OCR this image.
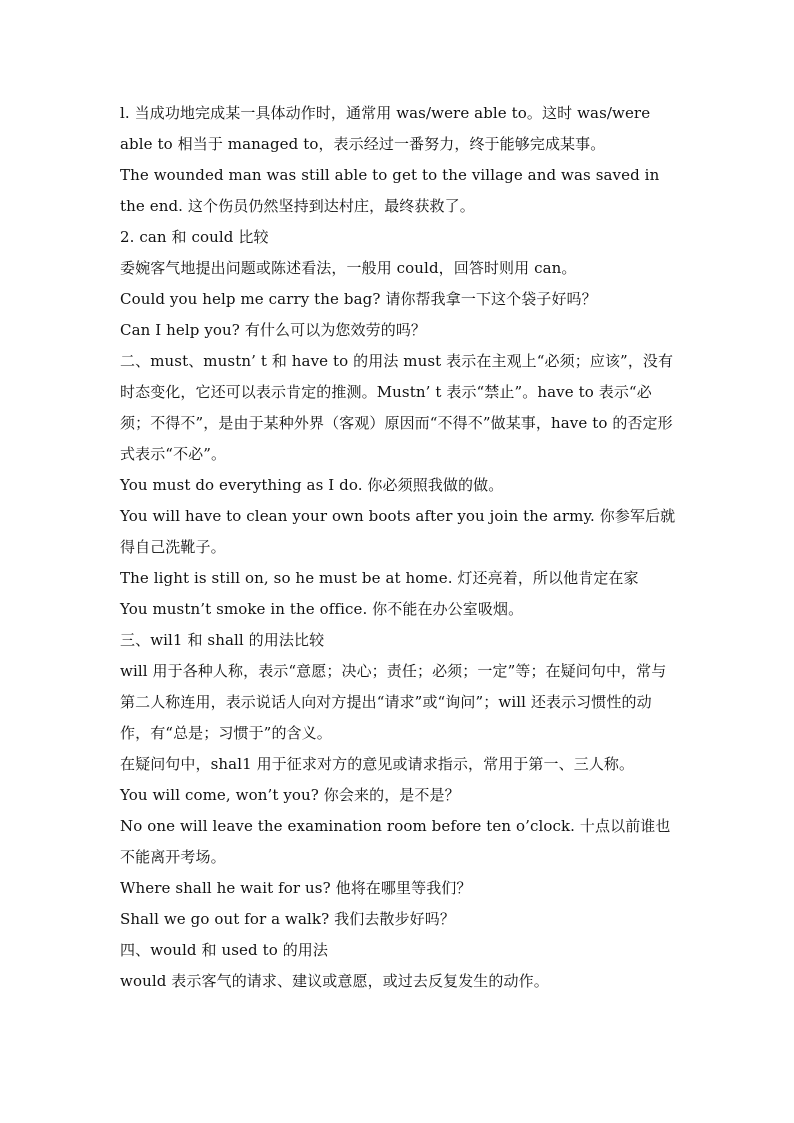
l. 当成功地完成某一具体动作时，通常用 was/were able to。这时 was/were able to 相当于 managed to，表示经过一番努力，终于能够完成某事。

The wounded man was still able to get to the village and was saved in the end. 这个伤员仍然坚持到达村庄，最终获救了。

2. can 和 could 比较

委婉客气地提出问题或陈述看法，一般用 could，回答时则用 can。

Could you help me carry the bag? 请你帮我拿一下这个袋子好吗？

Can I help you? 有什么可以为您效劳的吗？

二、must、mustn’ t 和 have to 的用法 must 表示在主观上“必须；应该”，没有时态变化，它还可以表示肯定的推测。Mustn’ t 表示“禁止”。have to 表示“必须；不得不”，是由于某种外界（客观）原因而“不得不”做某事，have to 的否定形式表示“不必”。

You must do everything as I do. 你必须照我做的做。

You will have to clean your own boots after you join the army. 你参军后就得自己洗靴子。

The light is still on, so he must be at home. 灯还亮着，所以他肯定在家

You mustn’t smoke in the office. 你不能在办公室吸烟。

三、wil1 和 shall 的用法比较

will 用于各种人称，表示“意愿；决心；责任；必须；一定”等；在疑问句中，常与第二人称连用，表示说话人向对方提出“请求”或“询问”；will 还表示习惯性的动作，有“总是；习惯于”的含义。

在疑问句中，shal1 用于征求对方的意见或请求指示，常用于第一、三人称。

You will come, won’t you? 你会来的，是不是？

No one will leave the examination room before ten o’clock. 十点以前谁也不能离开考场。

Where shall he wait for us? 他将在哪里等我们？

Shall we go out for a walk? 我们去散步好吗？

四、would 和 used to 的用法

would 表示客气的请求、建议或意愿，或过去反复发生的动作。
